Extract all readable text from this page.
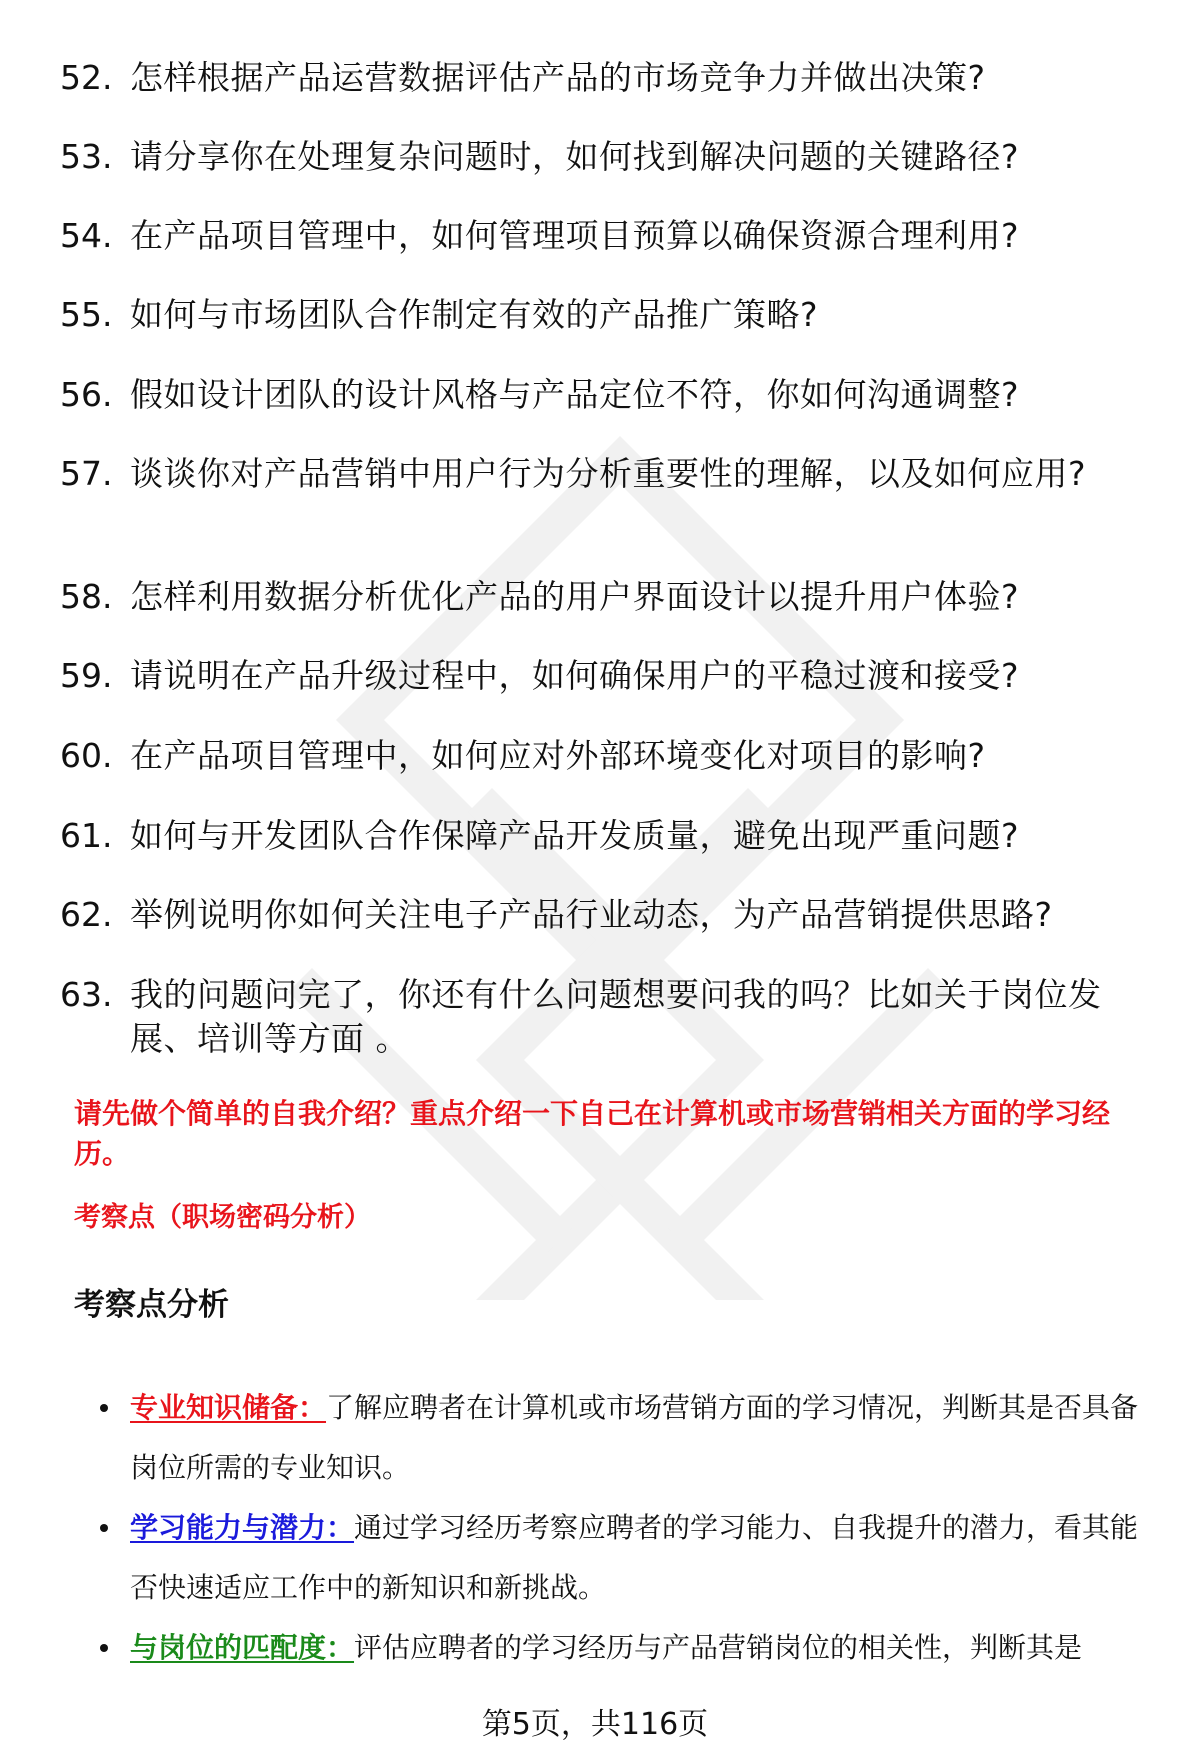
52. 怎样根据产品运营数据评估产品的市场竞争力并做出决策?
53. 请分享你在处理复杂问题时，如何找到解决问题的关键路径?
54. 在产品项目管理中，如何管理项目预算以确保资源合理利用?
55. 如何与市场团队合作制定有效的产品推广策略?
56. 假如设计团队的设计风格与产品定位不符，你如何沟通调整?
57. 谈谈你对产品营销中用户行为分析重要性的理解，以及如何应用?
58. 怎样利用数据分析优化产品的用户界面设计以提升用户体验?
59. 请说明在产品升级过程中，如何确保用户的平稳过渡和接受?
60. 在产品项目管理中，如何应对外部环境变化对项目的影响?
61. 如何与开发团队合作保障产品开发质量，避免出现严重问题?
62. 举例说明你如何关注电子产品行业动态，为产品营销提供思路?
63. 我的问题问完了，你还有什么问题想要问我的吗？比如关于岗位发展、培训等方面 。
请先做个简单的自我介绍？重点介绍一下自己在计算机或市场营销相关方面的学习经历。
考察点（职场密码分析）
考察点分析
专业知识储备：了解应聘者在计算机或市场营销方面的学习情况，判断其是否具备岗位所需的专业知识。
学习能力与潜力：通过学习经历考察应聘者的学习能力、自我提升的潜力，看其能否快速适应工作中的新知识和新挑战。
与岗位的匹配度：评估应聘者的学习经历与产品营销岗位的相关性，判断其是
第5页，共116页
